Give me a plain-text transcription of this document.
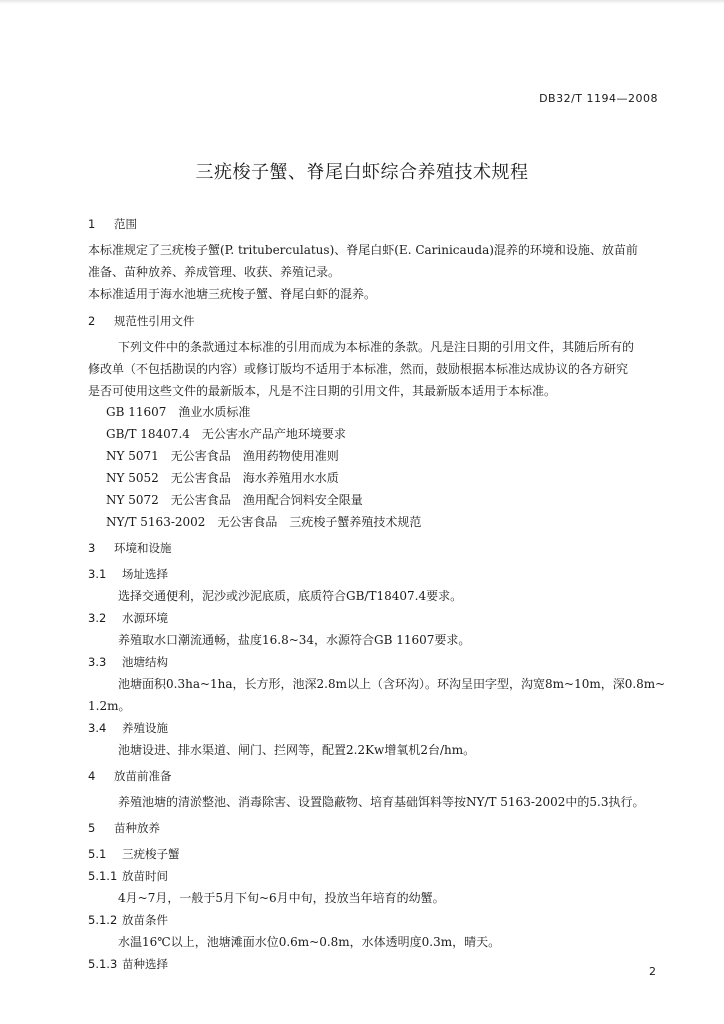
DB32/T 1194—2008
三疣梭子蟹、脊尾白虾综合养殖技术规程
1 范围
本标准规定了三疣梭子蟹(P. trituberculatus)、脊尾白虾(E. Carinicauda)混养的环境和设施、放苗前
准备、苗种放养、养成管理、收获、养殖记录。
本标准适用于海水池塘三疣梭子蟹、脊尾白虾的混养。
2 规范性引用文件
下列文件中的条款通过本标准的引用而成为本标准的条款。凡是注日期的引用文件，其随后所有的
修改单（不包括勘误的内容）或修订版均不适用于本标准，然而，鼓励根据本标准达成协议的各方研究
是否可使用这些文件的最新版本，凡是不注日期的引用文件，其最新版本适用于本标准。
GB 11607　渔业水质标准
GB/T 18407.4　无公害水产品产地环境要求
NY 5071　无公害食品　渔用药物使用准则
NY 5052　无公害食品　海水养殖用水水质
NY 5072　无公害食品　渔用配合饲料安全限量
NY/T 5163-2002　无公害食品　三疣梭子蟹养殖技术规范
3 环境和设施
3.1 场址选择
选择交通便利，泥沙或沙泥底质，底质符合GB/T18407.4要求。
3.2 水源环境
养殖取水口潮流通畅，盐度16.8~34，水源符合GB 11607要求。
3.3 池塘结构
池塘面积0.3ha~1ha，长方形，池深2.8m以上（含环沟）。环沟呈田字型，沟宽8m~10m，深0.8m~
1.2m。
3.4 养殖设施
池塘设进、排水渠道、闸门、拦网等，配置2.2Kw增氧机2台/hm。
4 放苗前准备
养殖池塘的清淤整池、消毒除害、设置隐蔽物、培育基础饵料等按NY/T 5163-2002中的5.3执行。
5 苗种放养
5.1 三疣梭子蟹
5.1.1 放苗时间
4月~7月，一般于5月下旬~6月中旬，投放当年培育的幼蟹。
5.1.2 放苗条件
水温16℃以上，池塘滩面水位0.6m~0.8m，水体透明度0.3m，晴天。
5.1.3 苗种选择
2
